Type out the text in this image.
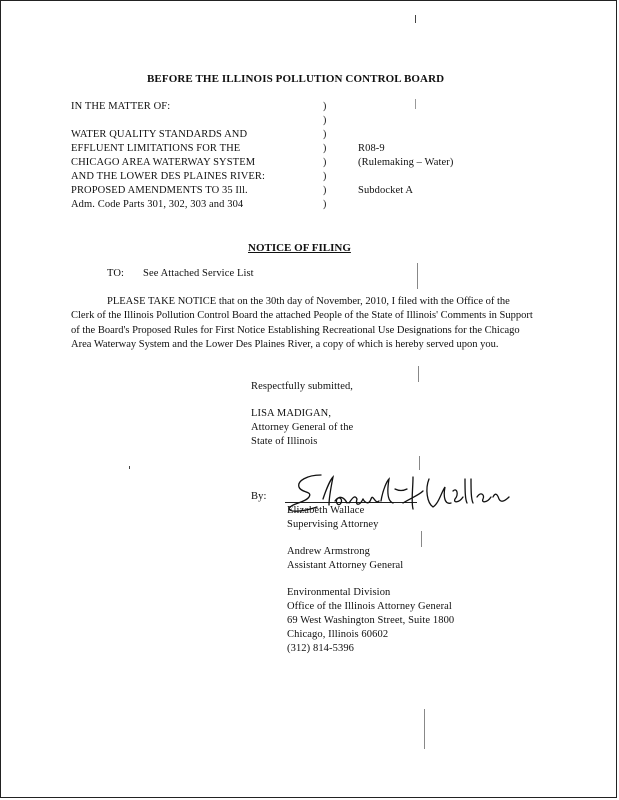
BEFORE THE ILLINOIS POLLUTION CONTROL BOARD
IN THE MATTER OF:
WATER QUALITY STANDARDS AND
EFFLUENT LIMITATIONS FOR THE
CHICAGO AREA WATERWAY SYSTEM
AND THE LOWER DES PLAINES RIVER:
PROPOSED AMENDMENTS TO 35 Ill.
Adm. Code Parts 301, 302, 303 and 304
)
)
)
)
)
)
)
)
R08-9
(Rulemaking – Water)
Subdocket A
NOTICE OF FILING
TO: See Attached Service List
PLEASE TAKE NOTICE that on the 30th day of November, 2010, I filed with the Office of the Clerk of the Illinois Pollution Control Board the attached People of the State of Illinois' Comments in Support of the Board's Proposed Rules for First Notice Establishing Recreational Use Designations for the Chicago Area Waterway System and the Lower Des Plaines River, a copy of which is hereby served upon you.
Respectfully submitted,
LISA MADIGAN,
Attorney General of the
State of Illinois
By:
Elizabeth Wallace
Supervising Attorney
Andrew Armstrong
Assistant Attorney General
Environmental Division
Office of the Illinois Attorney General
69 West Washington Street, Suite 1800
Chicago, Illinois 60602
(312) 814-5396
